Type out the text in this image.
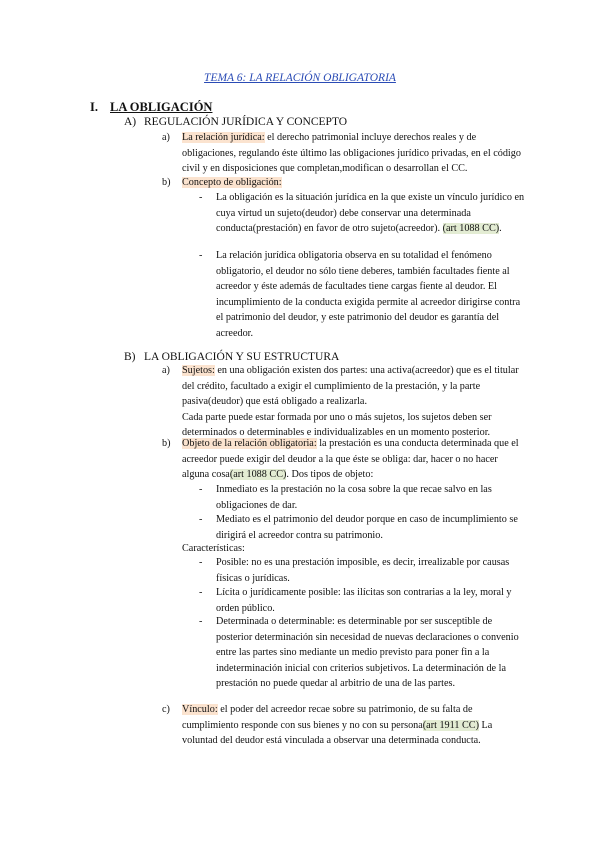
TEMA 6: LA RELACIÓN OBLIGATORIA
I. LA OBLIGACIÓN
A) REGULACIÓN JURÍDICA Y CONCEPTO
a) La relación jurídica: el derecho patrimonial incluye derechos reales y de obligaciones, regulando éste último las obligaciones jurídico privadas, en el código civil y en disposiciones que completan,modifican o desarrollan el CC.

b) Concepto de obligación:

- La obligación es la situación jurídica en la que existe un vínculo jurídico en cuya virtud un sujeto(deudor) debe conservar una determinada conducta(prestación) en favor de otro sujeto(acreedor). (art 1088 CC).

- La relación jurídica obligatoria observa en su totalidad el fenómeno obligatorio, el deudor no sólo tiene deberes, también facultades fiente al acreedor y éste además de facultades tiene cargas fiente al deudor. El incumplimiento de la conducta exigida permite al acreedor dirigirse contra el patrimonio del deudor, y este patrimonio del deudor es garantía del acreedor.

B) LA OBLIGACIÓN Y SU ESTRUCTURA
a) Sujetos: en una obligación existen dos partes: una activa(acreedor) que es el titular del crédito, facultado a exigir el cumplimiento de la prestación, y la parte pasiva(deudor) que está obligado a realizarla.

Cada parte puede estar formada por uno o más sujetos, los sujetos deben ser determinados o determinables e individualizables en un momento posterior.

b) Objeto de la relación obligatoria: la prestación es una conducta determinada que el acreedor puede exigir del deudor a la que éste se obliga: dar, hacer o no hacer alguna cosa(art 1088 CC). Dos tipos de objeto:

- Inmediato es la prestación no la cosa sobre la que recae salvo en las obligaciones de dar.

- Mediato es el patrimonio del deudor porque en caso de incumplimiento se dirigirá el acreedor contra su patrimonio.

Características:
- Posible: no es una prestación imposible, es decir, irrealizable por causas físicas o jurídicas.

- Lícita o jurídicamente posible: las ilícitas son contrarias a la ley, moral y orden público.

- Determinada o determinable: es determinable por ser susceptible de posterior determinación sin necesidad de nuevas declaraciones o convenio entre las partes sino mediante un medio previsto para poner fin a la indeterminación inicial con criterios subjetivos. La determinación de la prestación no puede quedar al arbitrio de una de las partes.

c) Vínculo: el poder del acreedor recae sobre su patrimonio, de su falta de cumplimiento responde con sus bienes y no con su persona(art 1911 CC) La voluntad del deudor está vinculada a observar una determinada conducta.
